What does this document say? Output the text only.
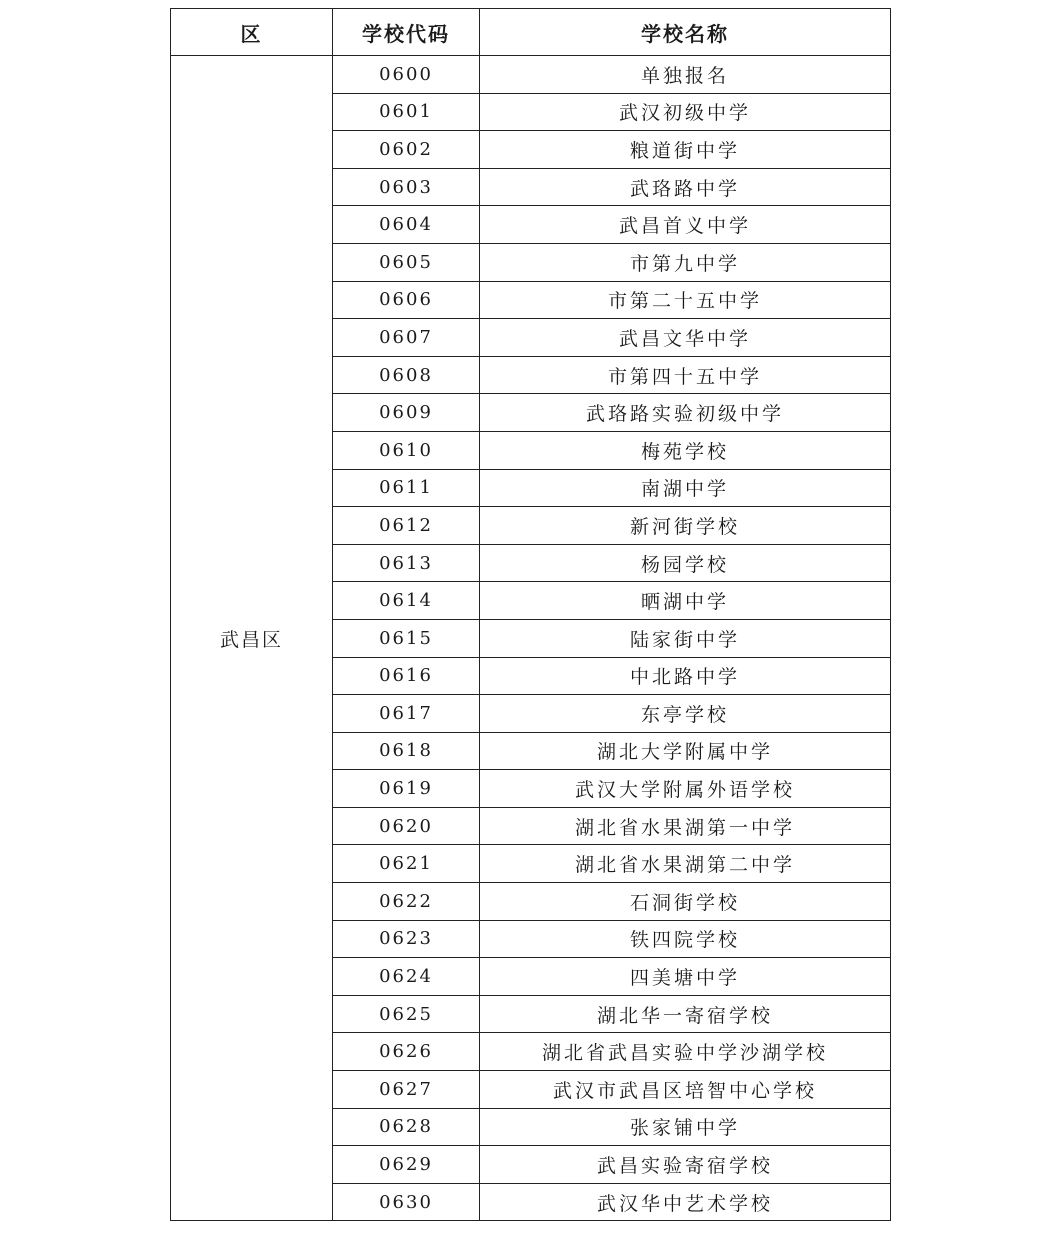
区	学校代码	学校名称
武昌区	0600	单独报名
	0601	武汉初级中学
	0602	粮道街中学
	0603	武珞路中学
	0604	武昌首义中学
	0605	市第九中学
	0606	市第二十五中学
	0607	武昌文华中学
	0608	市第四十五中学
	0609	武珞路实验初级中学
	0610	梅苑学校
	0611	南湖中学
	0612	新河街学校
	0613	杨园学校
	0614	晒湖中学
	0615	陆家街中学
	0616	中北路中学
	0617	东亭学校
	0618	湖北大学附属中学
	0619	武汉大学附属外语学校
	0620	湖北省水果湖第一中学
	0621	湖北省水果湖第二中学
	0622	石洞街学校
	0623	铁四院学校
	0624	四美塘中学
	0625	湖北华一寄宿学校
	0626	湖北省武昌实验中学沙湖学校
	0627	武汉市武昌区培智中心学校
	0628	张家铺中学
	0629	武昌实验寄宿学校
	0630	武汉华中艺术学校
